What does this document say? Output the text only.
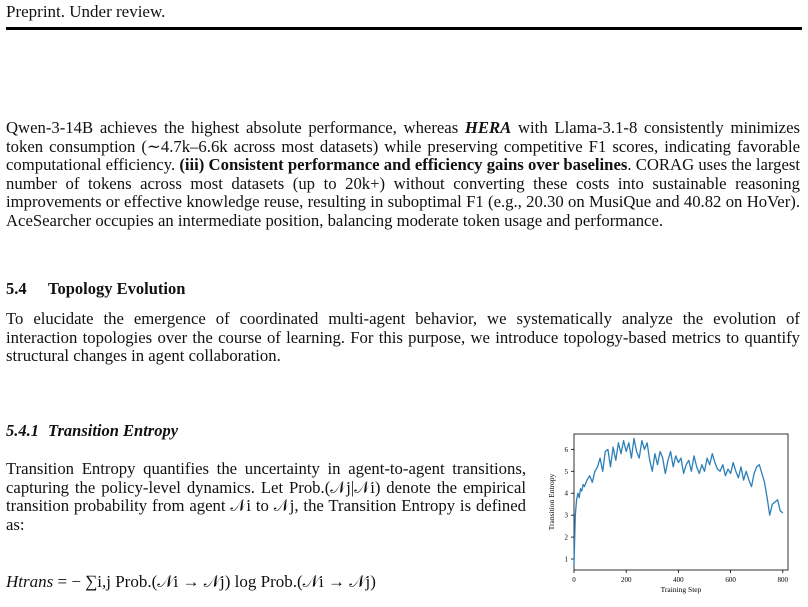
Preprint. Under review.
Qwen-3-14B achieves the highest absolute performance, whereas HERA with Llama-3.1-8 consistently minimizes token consumption (∼4.7k–6.6k across most datasets) while preserving competitive F1 scores, indicating favorable computational efficiency. (iii) Consistent performance and efficiency gains over baselines. CORAG uses the largest number of tokens across most datasets (up to 20k+) without converting these costs into sustainable reasoning improvements or effective knowledge reuse, resulting in suboptimal F1 (e.g., 20.30 on MusiQue and 40.82 on HoVer). AceSearcher occupies an intermediate position, balancing moderate token usage and performance.
5.4 Topology Evolution
To elucidate the emergence of coordinated multi-agent behavior, we systematically analyze the evolution of interaction topologies over the course of learning. For this purpose, we introduce topology-based metrics to quantify structural changes in agent collaboration.
5.4.1 Transition Entropy
Transition Entropy quantifies the uncertainty in agent-to-agent transitions, capturing the policy-level dynamics. Let Prob.(𝒩j|𝒩i) denote the empirical transition probability from agent 𝒩i to 𝒩j, the Transition Entropy is defined as:
Htrans = − ∑i,j Prob.(𝒩i → 𝒩j) log Prob.(𝒩i → 𝒩j)	0	200	400	600	800
1
2
3
4
5
6
Training Step
Transition Entropy
